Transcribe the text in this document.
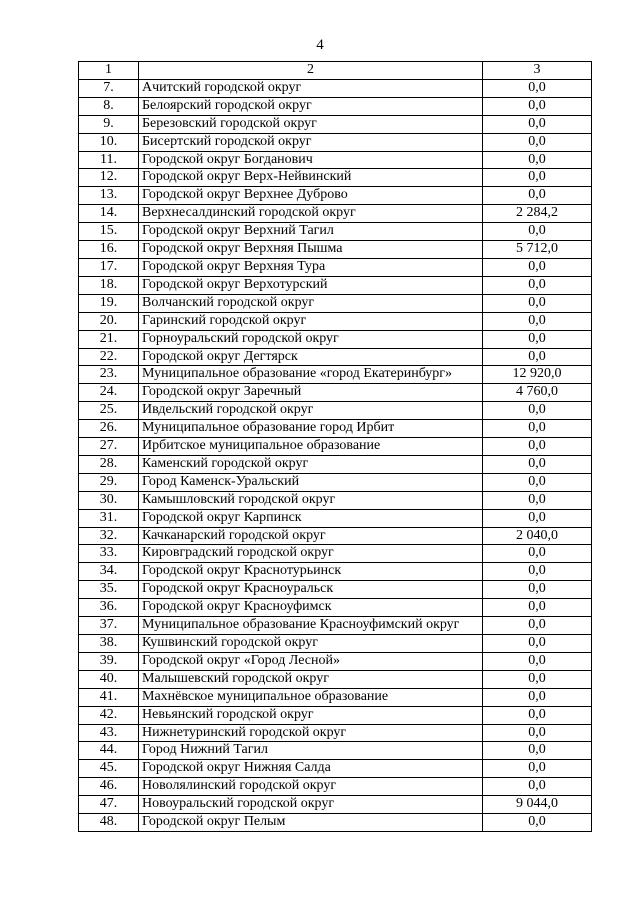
4
1	2	3
7.	Ачитский городской округ	0,0
8.	Белоярский городской округ	0,0
9.	Березовский городской округ	0,0
10.	Бисертский городской округ	0,0
11.	Городской округ Богданович	0,0
12.	Городской округ Верх-Нейвинский	0,0
13.	Городской округ Верхнее Дуброво	0,0
14.	Верхнесалдинский городской округ	2 284,2
15.	Городской округ Верхний Тагил	0,0
16.	Городской округ Верхняя Пышма	5 712,0
17.	Городской округ Верхняя Тура	0,0
18.	Городской округ Верхотурский	0,0
19.	Волчанский городской округ	0,0
20.	Гаринский городской округ	0,0
21.	Горноуральский городской округ	0,0
22.	Городской округ Дегтярск	0,0
23.	Муниципальное образование «город Екатеринбург»	12 920,0
24.	Городской округ Заречный	4 760,0
25.	Ивдельский городской округ	0,0
26.	Муниципальное образование город Ирбит	0,0
27.	Ирбитское муниципальное образование	0,0
28.	Каменский городской округ	0,0
29.	Город Каменск-Уральский	0,0
30.	Камышловский городской округ	0,0
31.	Городской округ Карпинск	0,0
32.	Качканарский городской округ	2 040,0
33.	Кировградский городской округ	0,0
34.	Городской округ Краснотурьинск	0,0
35.	Городской округ Красноуральск	0,0
36.	Городской округ Красноуфимск	0,0
37.	Муниципальное образование Красноуфимский округ	0,0
38.	Кушвинский городской округ	0,0
39.	Городской округ «Город Лесной»	0,0
40.	Малышевский городской округ	0,0
41.	Махнёвское муниципальное образование	0,0
42.	Невьянский городской округ	0,0
43.	Нижнетуринский городской округ	0,0
44.	Город Нижний Тагил	0,0
45.	Городской округ Нижняя Салда	0,0
46.	Новолялинский городской округ	0,0
47.	Новоуральский городской округ	9 044,0
48.	Городской округ Пелым	0,0
